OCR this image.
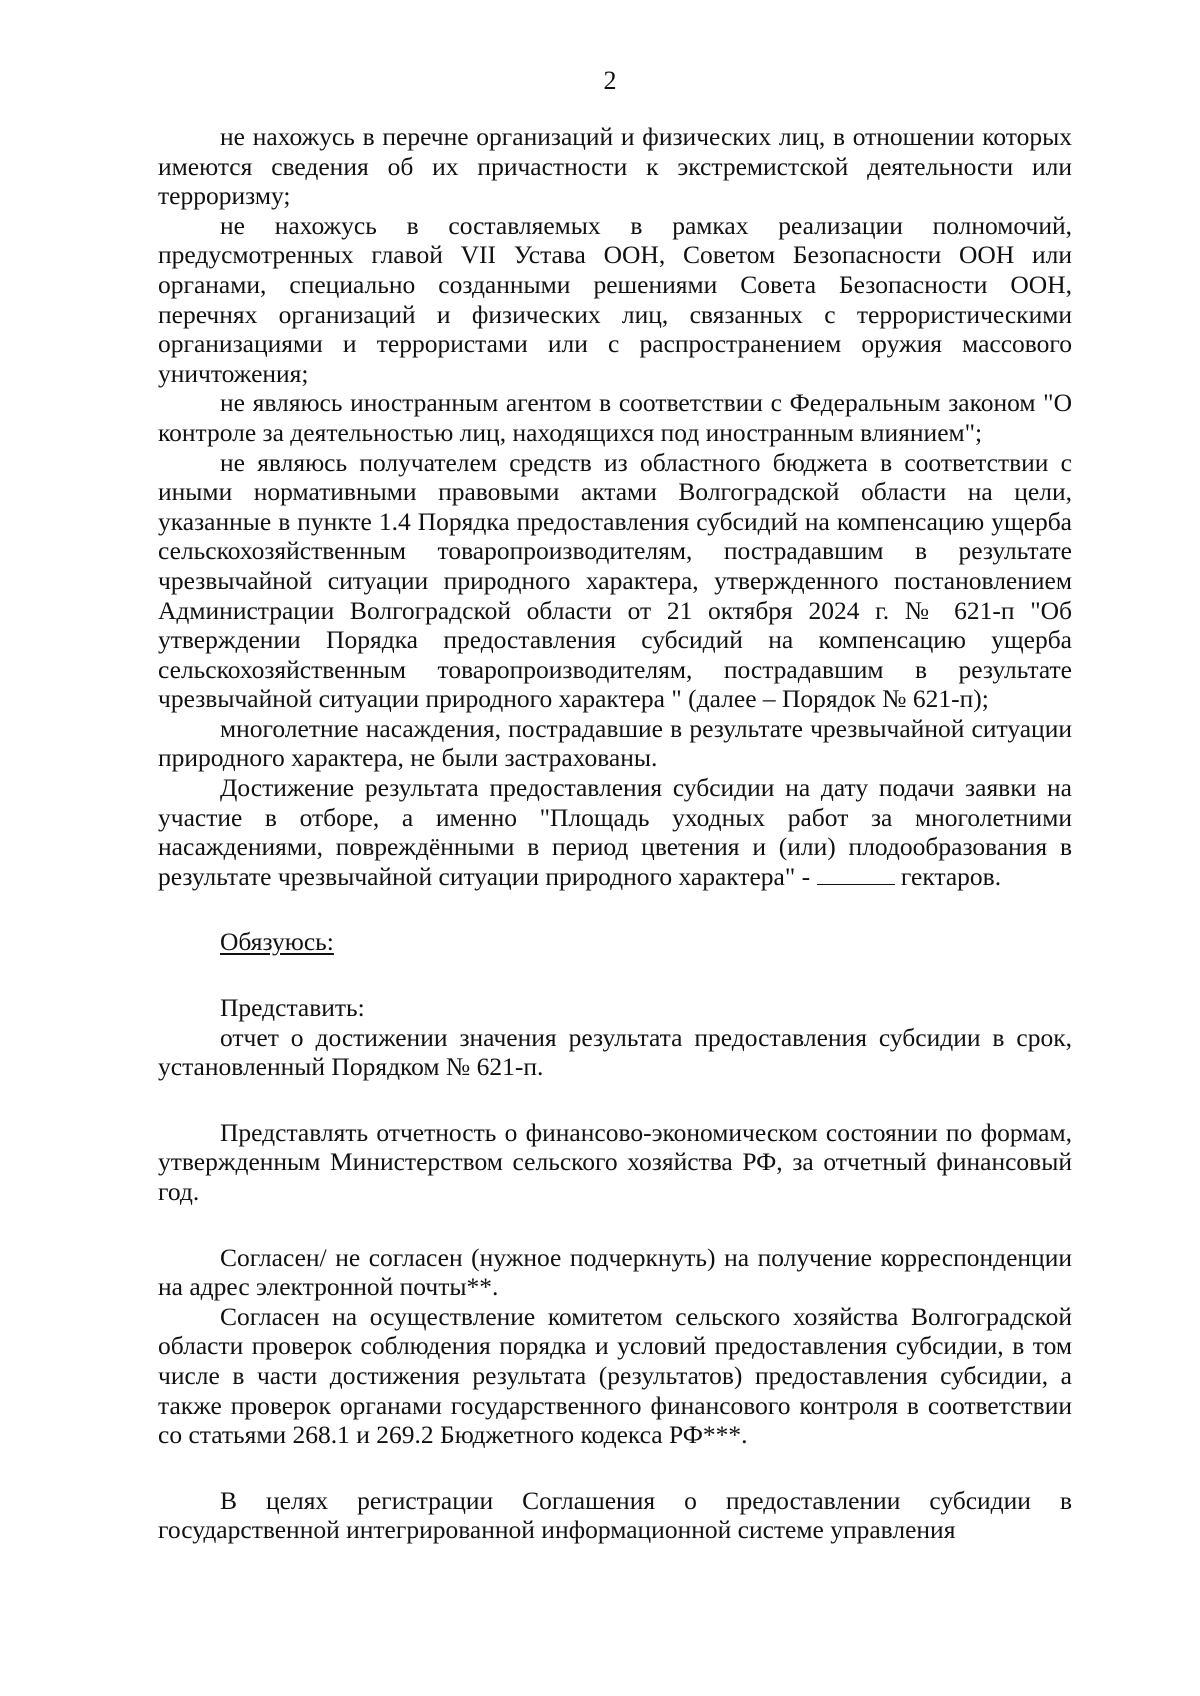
2

не нахожусь в перечне организаций и физических лиц, в отношении которых имеются сведения об их причастности к экстремистской деятельности или терроризму;

не нахожусь в составляемых в рамках реализации полномочий, предусмотренных главой VII Устава ООН, Советом Безопасности ООН или органами, специально созданными решениями Совета Безопасности ООН, перечнях организаций и физических лиц, связанных с террористическими организациями и террористами или с распространением оружия массового уничтожения;

не являюсь иностранным агентом в соответствии с Федеральным законом "О контроле за деятельностью лиц, находящихся под иностранным влиянием";

не являюсь получателем средств из областного бюджета в соответствии с иными нормативными правовыми актами Волгоградской области на цели, указанные в пункте 1.4 Порядка предоставления субсидий на компенсацию ущерба сельскохозяйственным товаропроизводителям, пострадавшим в результате чрезвычайной ситуации природного характера, утвержденного постановлением Администрации Волгоградской области от 21 октября 2024 г. № 621-п "Об утверждении Порядка предоставления субсидий на компенсацию ущерба сельскохозяйственным товаропроизводителям, пострадавшим в результате чрезвычайной ситуации природного характера " (далее – Порядок № 621-п);

многолетние насаждения, пострадавшие в результате чрезвычайной ситуации природного характера, не были застрахованы.

Достижение результата предоставления субсидии на дату подачи заявки на участие в отборе, а именно "Площадь уходных работ за многолетними насаждениями, повреждёнными в период цветения и (или) плодообразования в результате чрезвычайной ситуации природного характера" -	гектаров.

Обязуюсь:

Представить:

отчет о достижении значения результата предоставления субсидии в срок, установленный Порядком № 621-п.

Представлять отчетность о финансово-экономическом состоянии по формам, утвержденным Министерством сельского хозяйства РФ, за отчетный финансовый год.

Согласен/ не согласен (нужное подчеркнуть) на получение корреспонденции на адрес электронной почты**.

Согласен на осуществление комитетом сельского хозяйства Волгоградской области проверок соблюдения порядка и условий предоставления субсидии, в том числе в части достижения результата (результатов) предоставления субсидии, а также проверок органами государственного финансового контроля в соответствии со статьями 268.1 и 269.2 Бюджетного кодекса РФ***.

В целях регистрации Соглашения о предоставлении субсидии в государственной интегрированной информационной системе управления
